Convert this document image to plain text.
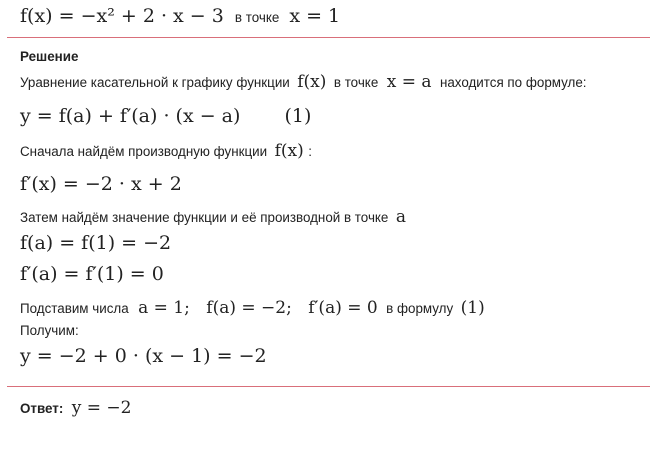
f(x) = −x² + 2 · x − 3 в точке x = 1
Решение
Уравнение касательной к графику функции f(x) в точке x = a находится по формуле:
y = f(a) + f′(a) · (x − a) (1)
Сначала найдём производную функции f(x) :
f′(x) = −2 · x + 2
Затем найдём значение функции и её производной в точке a
f(a) = f(1) = −2
f′(a) = f′(1) = 0
Подставим числа a = 1; f(a) = −2; f′(a) = 0 в формулу (1)
Получим:
y = −2 + 0 · (x − 1) = −2
Ответ: y = −2
